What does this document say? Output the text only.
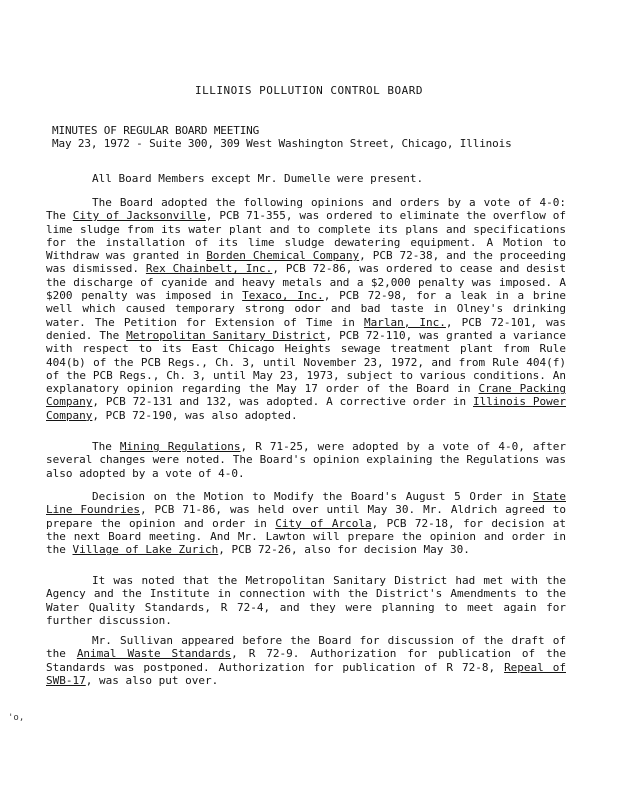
ILLINOIS POLLUTION CONTROL BOARD
MINUTES OF REGULAR BOARD MEETING
May 23, 1972 - Suite 300, 309 West Washington Street, Chicago, Illinois
All Board Members except Mr. Dumelle were present.
The Board adopted the following opinions and orders by a vote of 4-0: The City of Jacksonville, PCB 71-355, was ordered to eliminate the overflow of lime sludge from its water plant and to complete its plans and specifications for the installation of its lime sludge dewatering equipment. A Motion to Withdraw was granted in Borden Chemical Company, PCB 72-38, and the proceeding was dismissed. Rex Chainbelt, Inc., PCB 72-86, was ordered to cease and desist the discharge of cyanide and heavy metals and a $2,000 penalty was imposed. A $200 penalty was imposed in Texaco, Inc., PCB 72-98, for a leak in a brine well which caused temporary strong odor and bad taste in Olney's drinking water. The Petition for Extension of Time in Marlan, Inc., PCB 72-101, was denied. The Metropolitan Sanitary District, PCB 72-110, was granted a variance with respect to its East Chicago Heights sewage treatment plant from Rule 404(b) of the PCB Regs., Ch. 3, until November 23, 1972, and from Rule 404(f) of the PCB Regs., Ch. 3, until May 23, 1973, subject to various conditions. An explanatory opinion regarding the May 17 order of the Board in Crane Packing Company, PCB 72-131 and 132, was adopted. A corrective order in Illinois Power Company, PCB 72-190, was also adopted.
The Mining Regulations, R 71-25, were adopted by a vote of 4-0, after several changes were noted. The Board's opinion explaining the Regulations was also adopted by a vote of 4-0.
Decision on the Motion to Modify the Board's August 5 Order in State Line Foundries, PCB 71-86, was held over until May 30. Mr. Aldrich agreed to prepare the opinion and order in City of Arcola, PCB 72-18, for decision at the next Board meeting. And Mr. Lawton will prepare the opinion and order in the Village of Lake Zurich, PCB 72-26, also for decision May 30.
It was noted that the Metropolitan Sanitary District had met with the Agency and the Institute in connection with the District's Amendments to the Water Quality Standards, R 72-4, and they were planning to meet again for further discussion.
Mr. Sullivan appeared before the Board for discussion of the draft of the Animal Waste Standards, R 72-9. Authorization for publication of the Standards was postponed. Authorization for publication of R 72-8, Repeal of SWB-17, was also put over.
'o,
